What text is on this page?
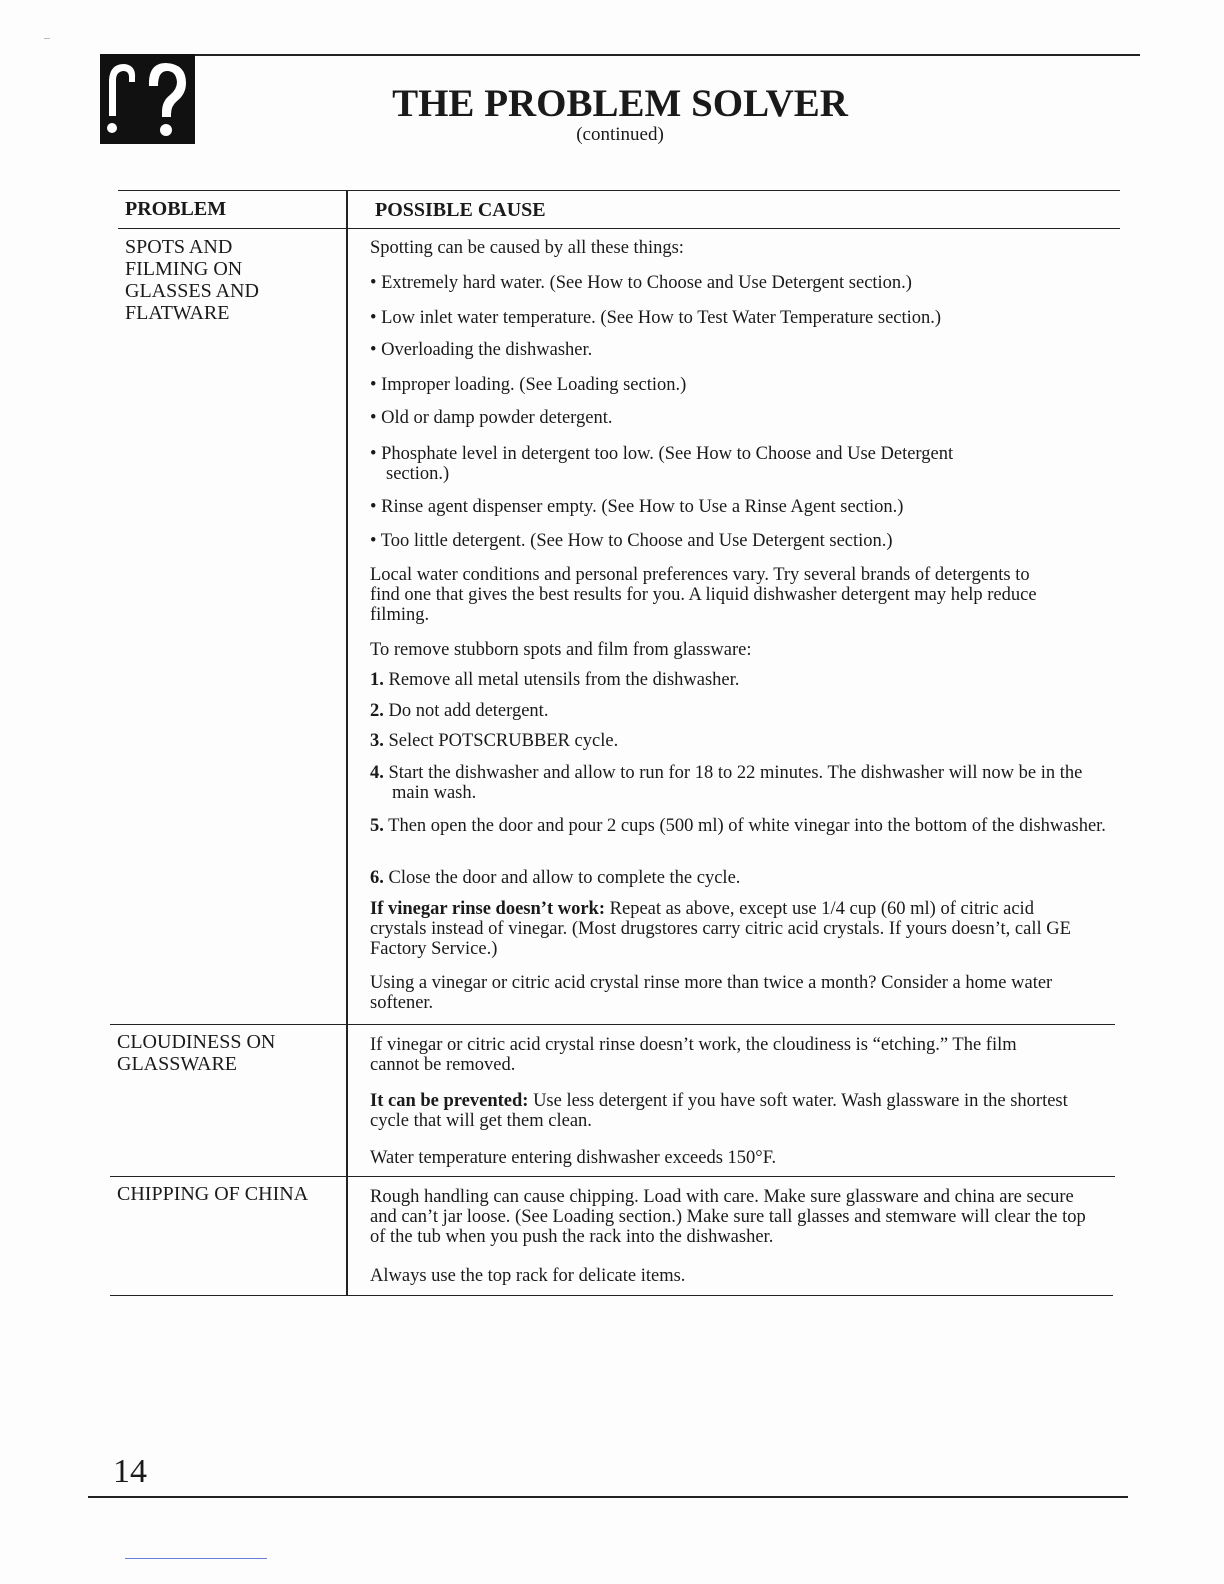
THE PROBLEM SOLVER
(continued)
PROBLEM	POSSIBLE CAUSE
SPOTS AND
FILMING ON
GLASSES AND
FLATWARE
Spotting can be caused by all these things:
• Extremely hard water. (See How to Choose and Use Detergent section.)
• Low inlet water temperature. (See How to Test Water Temperature section.)
• Overloading the dishwasher.
• Improper loading. (See Loading section.)
• Old or damp powder detergent.
• Phosphate level in detergent too low. (See How to Choose and Use Detergent section.)
• Rinse agent dispenser empty. (See How to Use a Rinse Agent section.)
• Too little detergent. (See How to Choose and Use Detergent section.)
Local water conditions and personal preferences vary. Try several brands of detergents to find one that gives the best results for you. A liquid dishwasher detergent may help reduce filming.
To remove stubborn spots and film from glassware:
1. Remove all metal utensils from the dishwasher.
2. Do not add detergent.
3. Select POTSCRUBBER cycle.
4. Start the dishwasher and allow to run for 18 to 22 minutes. The dishwasher will now be in the main wash.
5. Then open the door and pour 2 cups (500 ml) of white vinegar into the bottom of the dishwasher.
6. Close the door and allow to complete the cycle.
If vinegar rinse doesn’t work: Repeat as above, except use 1/4 cup (60 ml) of citric acid crystals instead of vinegar. (Most drugstores carry citric acid crystals. If yours doesn’t, call GE Factory Service.)
Using a vinegar or citric acid crystal rinse more than twice a month? Consider a home water softener.
CLOUDINESS ON
GLASSWARE
If vinegar or citric acid crystal rinse doesn’t work, the cloudiness is “etching.” The film cannot be removed.
It can be prevented: Use less detergent if you have soft water. Wash glassware in the shortest cycle that will get them clean.
Water temperature entering dishwasher exceeds 150°F.
CHIPPING OF CHINA	Rough handling can cause chipping. Load with care. Make sure glassware and china are secure and can’t jar loose. (See Loading section.) Make sure tall glasses and stemware will clear the top of the tub when you push the rack into the dishwasher.
Always use the top rack for delicate items.
14
